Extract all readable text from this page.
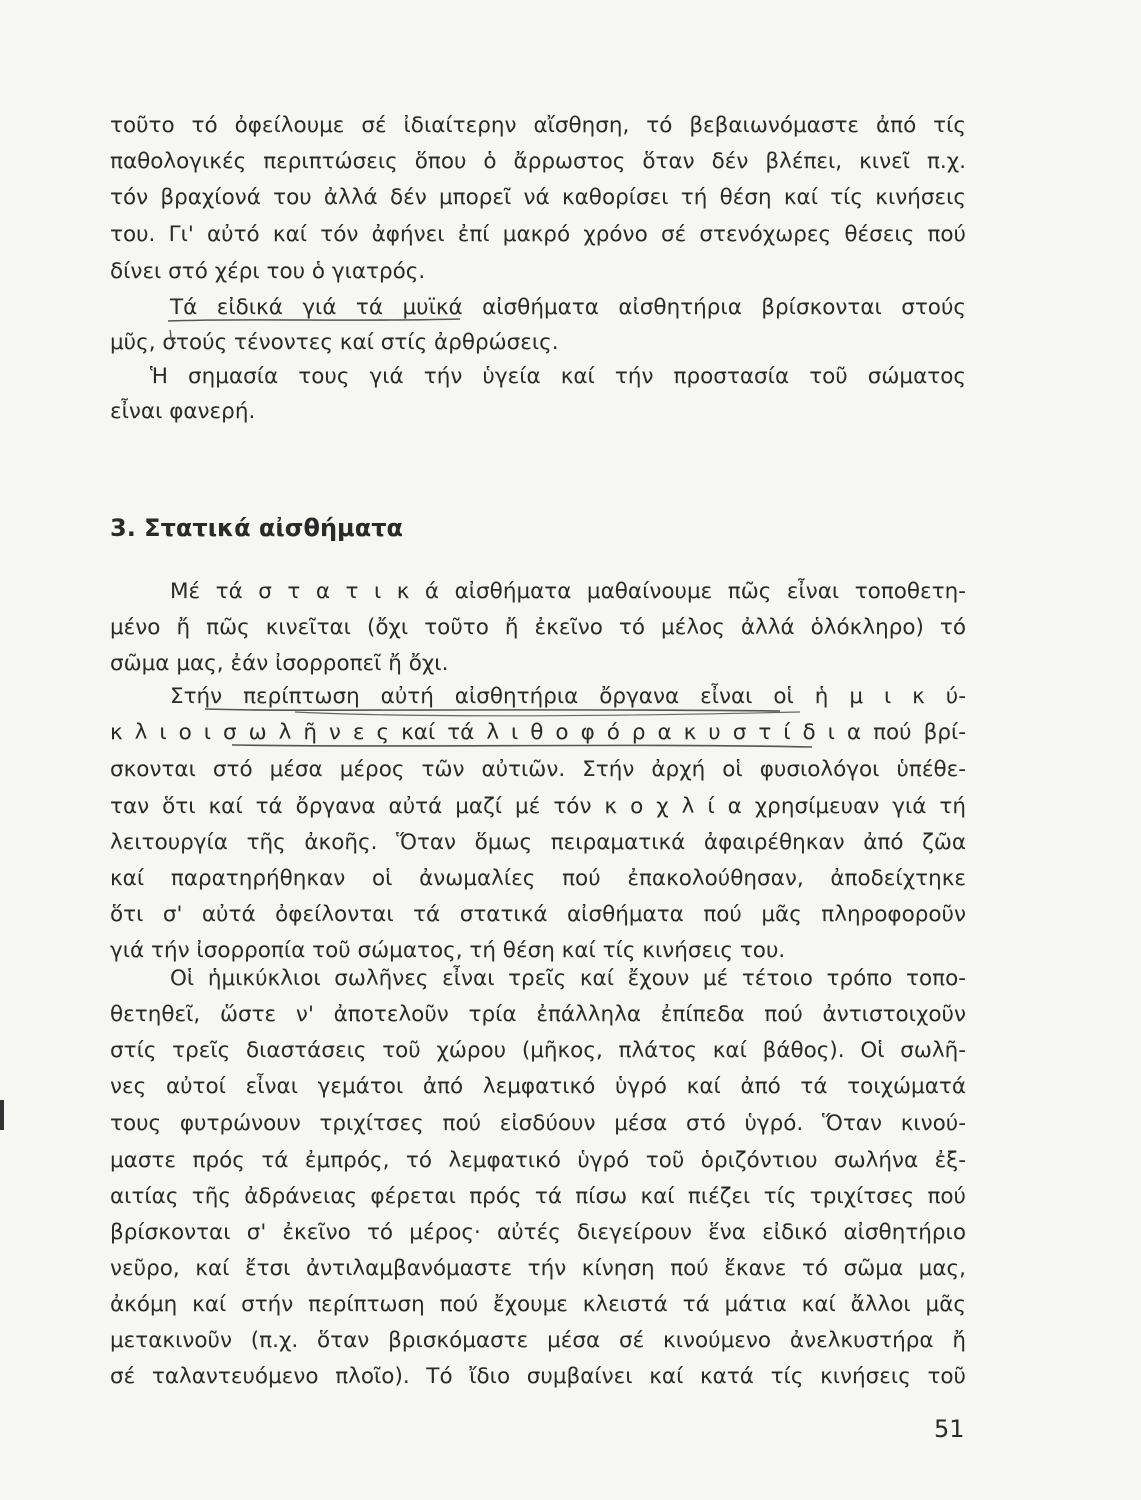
τοῦτο τό ὀφείλουμε σέ ἰδιαίτερην αἴσθηση, τό βεβαιωνόμαστε ἀπό τίς
παθολογικές περιπτώσεις ὅπου ὁ ἄρρωστος ὅταν δέν βλέπει, κινεῖ π.χ.
τόν βραχίονά του ἀλλά δέν μπορεῖ νά καθορίσει τή θέση καί τίς κινήσεις
του. Γι' αὐτό καί τόν ἀφήνει ἐπί μακρό χρόνο σέ στενόχωρες θέσεις πού
δίνει στό χέρι του ὁ γιατρός.
Τά εἰδικά γιά τά μυϊκά αἰσθήματα αἰσθητήρια βρίσκονται στούς
μῦς, στούς τένοντες καί στίς ἀρθρώσεις.
Ἡ σημασία τους γιά τήν ὑγεία καί τήν προστασία τοῦ σώματος
εἶναι φανερή.
3. Στατικά αἰσθήματα
Μέ τά σ τ α τ ι κ ά αἰσθήματα μαθαίνουμε πῶς εἶναι τοποθετη-
μένο ἤ πῶς κινεῖται (ὄχι τοῦτο ἤ ἐκεῖνο τό μέλος ἀλλά ὁλόκληρο) τό
σῶμα μας, ἐάν ἰσορροπεῖ ἤ ὄχι.
Στήν περίπτωση αὐτή αἰσθητήρια ὄργανα εἶναι οἱ ἡ μ ι κ ύ-
κ λ ι ο ι σ ω λ ῆ ν ε ς καί τά λ ι θ ο φ ό ρ α κ υ σ τ ί δ ι α πού βρί-
σκονται στό μέσα μέρος τῶν αὐτιῶν. Στήν ἀρχή οἱ φυσιολόγοι ὑπέθε-
ταν ὅτι καί τά ὄργανα αὐτά μαζί μέ τόν κ ο χ λ ί α χρησίμευαν γιά τή
λειτουργία τῆς ἀκοῆς. Ὅταν ὅμως πειραματικά ἀφαιρέθηκαν ἀπό ζῶα
καί παρατηρήθηκαν οἱ ἀνωμαλίες πού ἐπακολούθησαν, ἀποδείχτηκε
ὅτι σ' αὐτά ὀφείλονται τά στατικά αἰσθήματα πού μᾶς πληροφοροῦν
γιά τήν ἰσορροπία τοῦ σώματος, τή θέση καί τίς κινήσεις του.
Οἱ ἡμικύκλιοι σωλῆνες εἶναι τρεῖς καί ἔχουν μέ τέτοιο τρόπο τοπο-
θετηθεῖ, ὥστε ν' ἀποτελοῦν τρία ἐπάλληλα ἐπίπεδα πού ἀντιστοιχοῦν
στίς τρεῖς διαστάσεις τοῦ χώρου (μῆκος, πλάτος καί βάθος). Οἱ σωλῆ-
νες αὐτοί εἶναι γεμάτοι ἀπό λεμφατικό ὑγρό καί ἀπό τά τοιχώματά
τους φυτρώνουν τριχίτσες πού εἰσδύουν μέσα στό ὑγρό. Ὅταν κινού-
μαστε πρός τά ἐμπρός, τό λεμφατικό ὑγρό τοῦ ὁριζόντιου σωλήνα ἐξ-
αιτίας τῆς ἀδράνειας φέρεται πρός τά πίσω καί πιέζει τίς τριχίτσες πού
βρίσκονται σ' ἐκεῖνο τό μέρος· αὐτές διεγείρουν ἕνα εἰδικό αἰσθητήριο
νεῦρο, καί ἔτσι ἀντιλαμβανόμαστε τήν κίνηση πού ἔκανε τό σῶμα μας,
ἀκόμη καί στήν περίπτωση πού ἔχουμε κλειστά τά μάτια καί ἄλλοι μᾶς
μετακινοῦν (π.χ. ὅταν βρισκόμαστε μέσα σέ κινούμενο ἀνελκυστήρα ἤ
σέ ταλαντευόμενο πλοῖο). Τό ἴδιο συμβαίνει καί κατά τίς κινήσεις τοῦ
51
